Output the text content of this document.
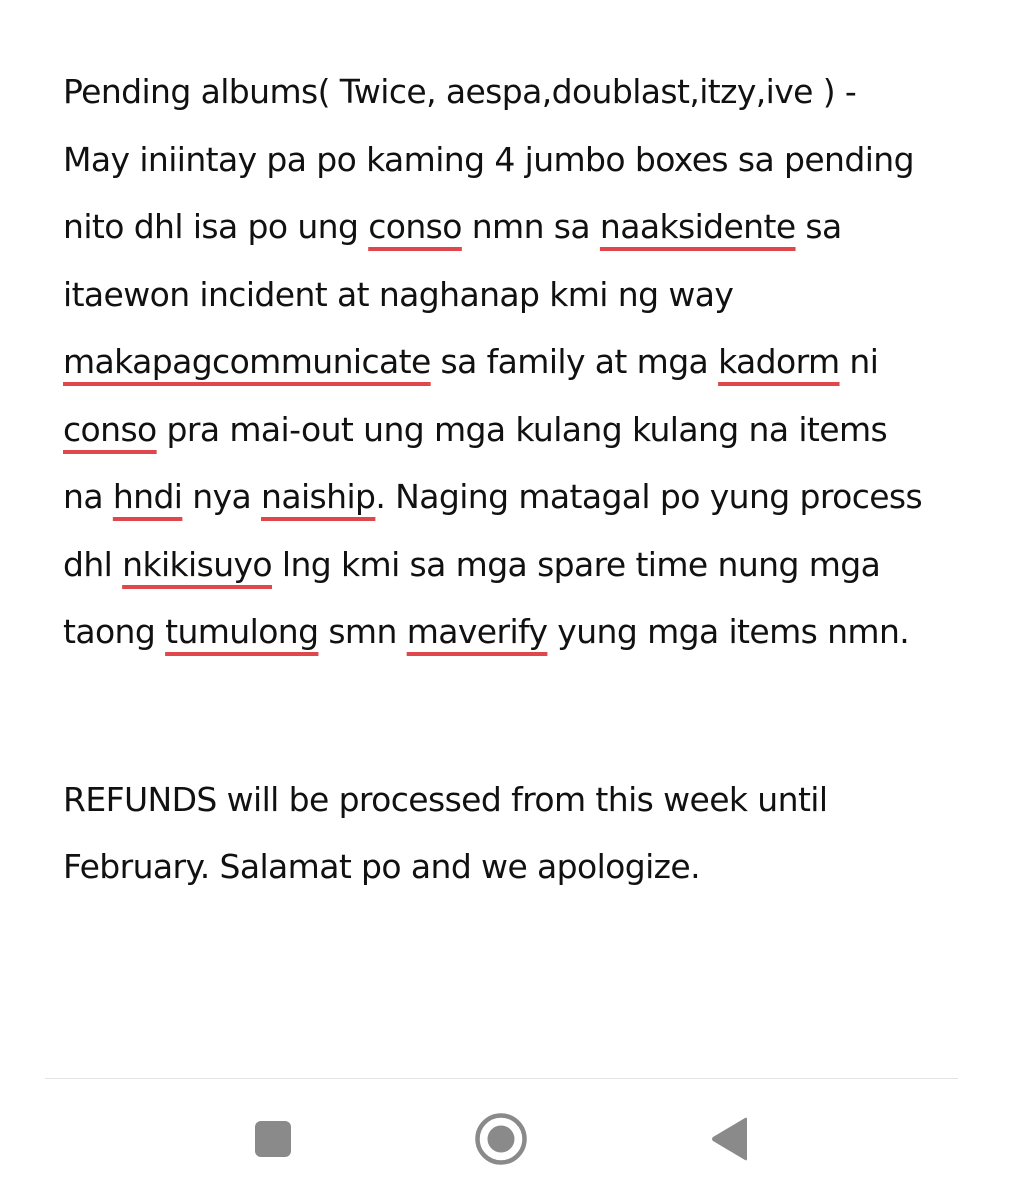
Pending albums( Twice, aespa,doublast,itzy,ive ) -
May iniintay pa po kaming 4 jumbo boxes sa pending
nito dhl isa po ung conso nmn sa naaksidente sa
itaewon incident at naghanap kmi ng way
makapagcommunicate sa family at mga kadorm ni
conso pra mai-out ung mga kulang kulang na items
na hndi nya naiship. Naging matagal po yung process
dhl nkikisuyo lng kmi sa mga spare time nung mga
taong tumulong smn maverify yung mga items nmn.

REFUNDS will be processed from this week until
February. Salamat po and we apologize.
